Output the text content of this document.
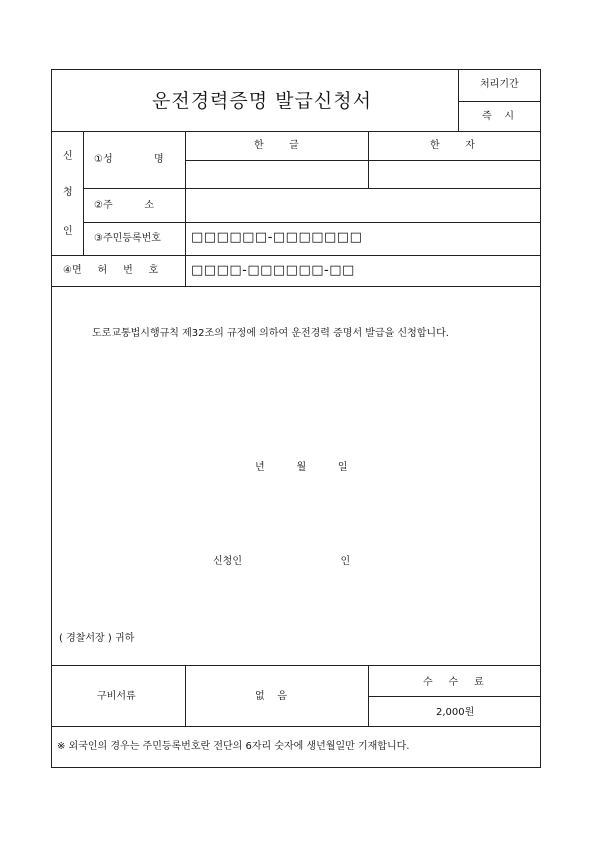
운전경력증명 발급신청서
처리기간
즉    시
신
청
인
①성             명
한        글	한        자
②주          소
③주민등록번호 □□□□□□-□□□□□□□
④면     허     번     호	□□□□-□□□□□□-□□
도로교통법시행규칙 제32조의 규정에 의하여 운전경력 증명서 발급을 신청합니다.
년          월          일
신청인                               인
( 경찰서장 ) 귀하
구비서류	없    음
수     수     료
2,000원
※ 외국인의 경우는 주민등록번호란 전단의 6자리 숫자에 생년월일만 기재합니다.
